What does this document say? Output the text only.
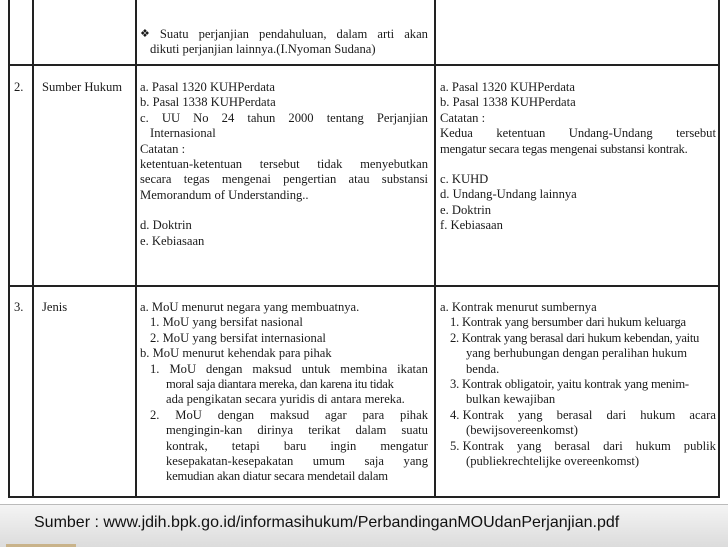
❖ Suatu perjanjian pendahuluan, dalam arti akan

dikuti perjanjian lainnya.(I.Nyoman Sudana)

2. Sumber Hukum a. Pasal 1320 KUHPerdata

b. Pasal 1338 KUHPerdata

c. UU No 24 tahun 2000 tentang Perjanjian

Internasional

Catatan :

ketentuan-ketentuan tersebut tidak menyebutkan
secara tegas mengenai pengertian atau substansi

Memorandum of Understanding..

d. Doktrin

e. Kebiasaan

a. Pasal 1320 KUHPerdata

b. Pasal 1338 KUHPerdata

Catatan :

Kedua ketentuan Undang-Undang tersebut

mengatur secara tegas mengenai substansi kontrak.

c. KUHD

d. Undang-Undang lainnya

e. Doktrin

f. Kebiasaan

3. Jenis	a. MoU menurut negara yang membuatnya.

1. MoU yang bersifat nasional

2. MoU yang bersifat internasional

b. MoU menurut kehendak para pihak

1. MoU dengan maksud untuk membina ikatan

moral saja diantara mereka, dan karena itu tidak

ada pengikatan secara yuridis di antara mereka.

2. MoU dengan maksud agar para pihak
mengingin-kan dirinya terikat dalam suatu
kontrak, tetapi baru ingin mengatur
kesepakatan-kesepakatan umum saja yang

kemudian akan diatur secara mendetail dalam

a. Kontrak menurut sumbernya

1. Kontrak yang bersumber dari hukum keluarga

2. Kontrak yang berasal dari hukum kebendan, yaitu

yang berhubungan dengan peralihan hukum

benda.

3. Kontrak obligatoir, yaitu kontrak yang menim-

bulkan kewajiban

4. Kontrak yang berasal dari hukum acara

(bewijsovereenkomst)

5. Kontrak yang berasal dari hukum publik

(publiekrechtelijke overeenkomst)

Sumber : www.jdih.bpk.go.id/informasihukum/PerbandinganMOUdanPerjanjian.pdf
